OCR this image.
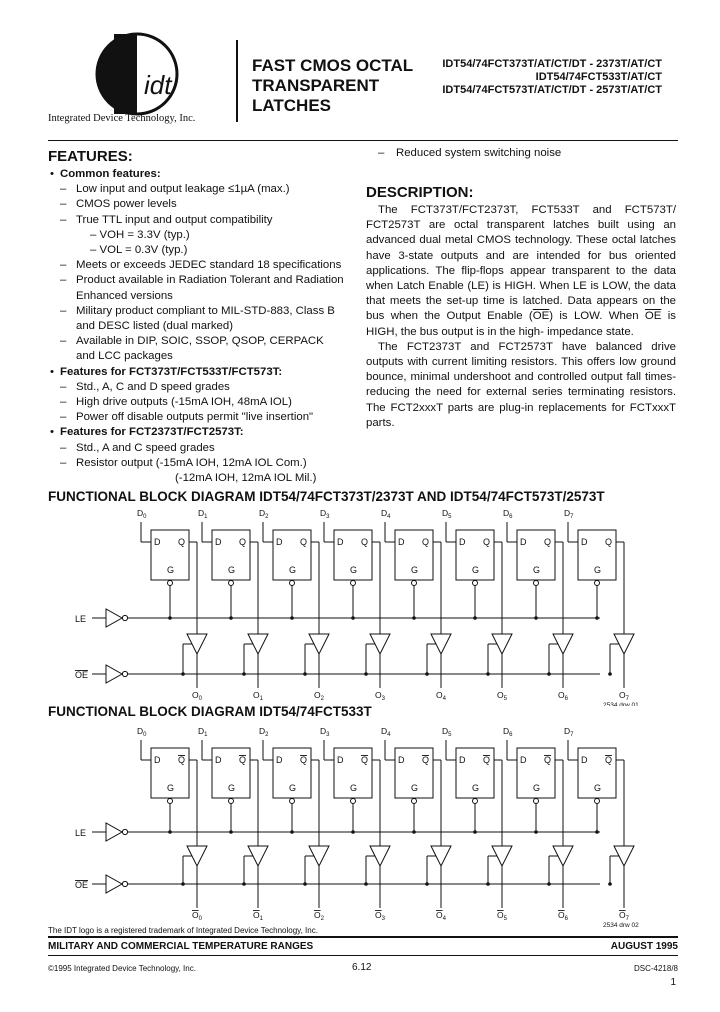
idt
Integrated Device Technology, Inc.
FAST CMOS OCTAL
TRANSPARENT
LATCHES
IDT54/74FCT373T/AT/CT/DT - 2373T/AT/CT
IDT54/74FCT533T/AT/CT
IDT54/74FCT573T/AT/CT/DT - 2573T/AT/CT
FEATURES:
• Common features:
– Low input and output leakage ≤1µA (max.)
– CMOS power levels
– True TTL input and output compatibility
– VOH = 3.3V (typ.)
– VOL = 0.3V (typ.)
– Meets or exceeds JEDEC standard 18 specifications
– Product available in Radiation Tolerant and Radiation
Enhanced versions
– Military product compliant to MIL-STD-883, Class B
and DESC listed (dual marked)
– Available in DIP, SOIC, SSOP, QSOP, CERPACK
and LCC packages
• Features for FCT373T/FCT533T/FCT573T:
– Std., A, C and D speed grades
– High drive outputs (-15mA IOH, 48mA IOL)
– Power off disable outputs permit "live insertion"
• Features for FCT2373T/FCT2573T:
– Std., A and C speed grades
– Resistor output (-15mA IOH, 12mA IOL Com.)
(-12mA IOH, 12mA IOL Mil.)
– Reduced system switching noise
DESCRIPTION:

The FCT373T/FCT2373T, FCT533T and FCT573T/ FCT2573T are octal transparent latches built using an advanced dual metal CMOS technology. These octal latches have 3-state outputs and are intended for bus oriented applications. The flip-flops appear transparent to the data when Latch Enable (LE) is HIGH. When LE is LOW, the data that meets the set-up time is latched. Data appears on the bus when the Output Enable $(\overline{OE})$ is LOW. When $\overline{OE}$ is HIGH, the bus output is in the high- impedance state.

The FCT2373T and FCT2573T have balanced drive outputs with current limiting resistors. This offers low ground bounce, minimal undershoot and controlled output fall times-reducing the need for external series terminating resistors. The FCT2xxxT parts are plug-in replacements for FCTxxxT parts.

FUNCTIONAL BLOCK DIAGRAM IDT54/74FCT373T/2373T AND IDT54/74FCT573T/2573T
LE
OE
$D_0$
D Q
G
$O_0$
$D_1$
D Q
G
$O_1$
$D_2$
D Q
G
$O_2$
$D_3$
D Q
G
$O_3$
$D_4$
D Q
G
$O_4$
$D_5$
D Q
G
$O_5$
$D_6$
D Q
G
$O_6$
$D_7$
D Q
G
$O_7$
2534 drw 01
FUNCTIONAL BLOCK DIAGRAM IDT54/74FCT533T
LE
OE
$D_0$
D Q
G
$O_0$
$D_1$
D Q
G
$O_1$
$D_2$
D Q
G
$O_2$
$D_3$
D Q
G
$O_3$
$D_4$
D Q
G
$O_4$
$D_5$
D Q
G
$O_5$
$D_6$
D Q
G
$O_6$
$D_7$
D Q
G
$O_7$
2534 drw 02
The IDT logo is a registered trademark of Integrated Device Technology, Inc.
MILITARY AND COMMERCIAL TEMPERATURE RANGES	AUGUST 1995
©1995 Integrated Device Technology, Inc.	6.12	DSC-4218/8
1
